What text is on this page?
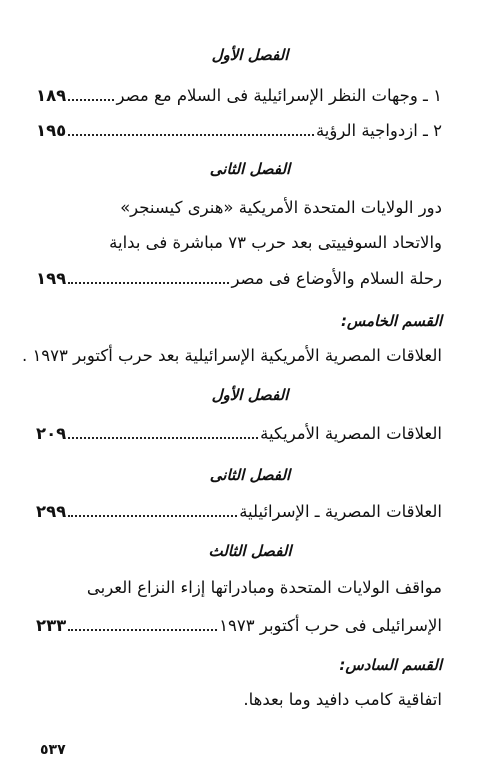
الفصل الأول
١ ـ وجهات النظر الإسرائيلية فى السلام مع مصر
١٨٩
٢ ـ ازدواجية الرؤية
١٩٥
الفصل الثانى
دور الولايات المتحدة الأمريكية «هنرى كيسنجر»
والاتحاد السوفييتى بعد حرب ٧٣ مباشرة فى بداية
رحلة السلام والأوضاع فى مصر
١٩٩
القسم الخامس:
العلاقات المصرية الأمريكية الإسرائيلية بعد حرب أكتوبر ١٩٧٣ .
الفصل الأول
العلاقات المصرية الأمريكية
٢٠٩
الفصل الثانى
العلاقات المصرية ـ الإسرائيلية
٢٩٩
الفصل الثالث
مواقف الولايات المتحدة ومبادراتها إزاء النزاع العربى
الإسرائيلى فى حرب أكتوبر ١٩٧٣
٢٣٣
القسم السادس:
اتفاقية كامب دافيد وما بعدها.
٥٣٧
